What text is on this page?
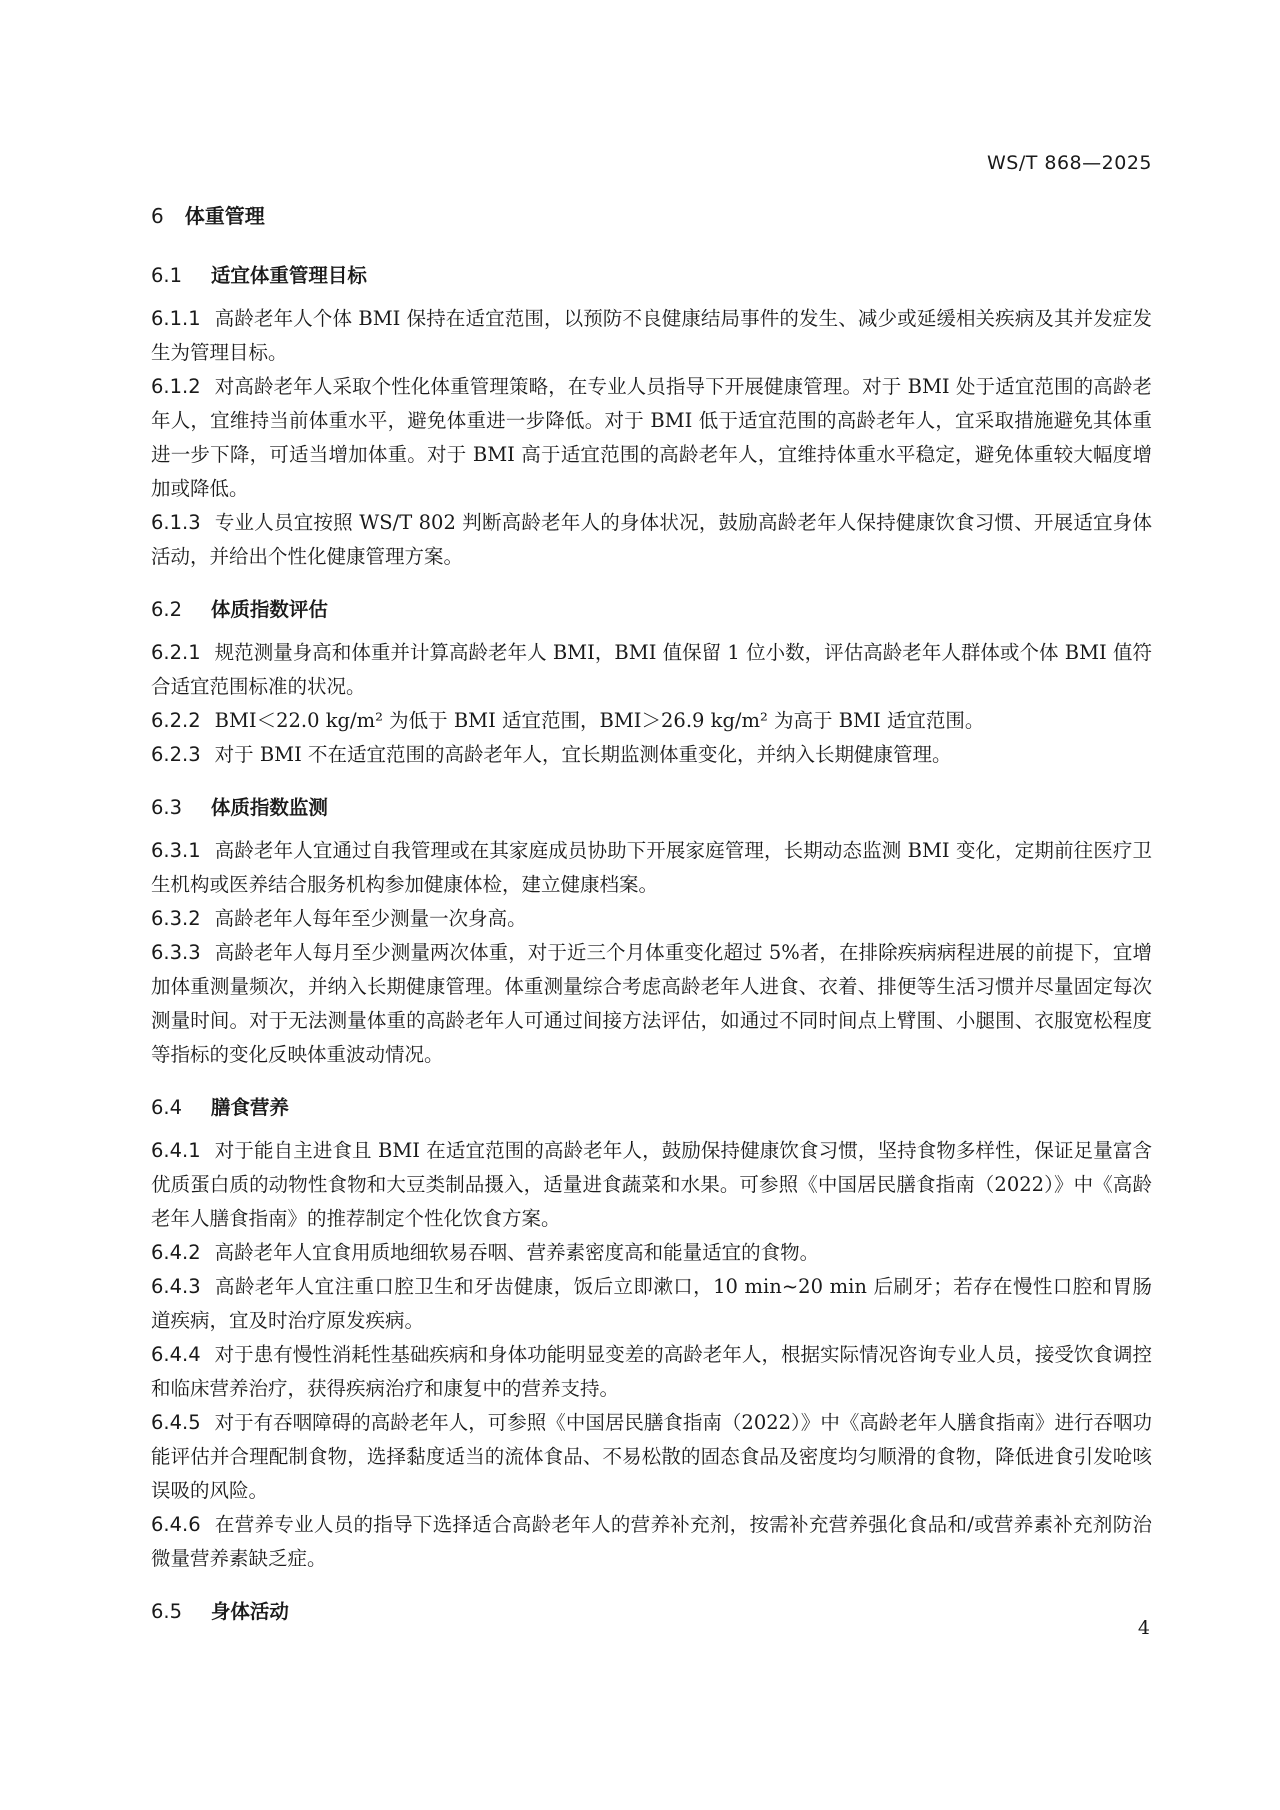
WS/T 868—2025
6 体重管理
6.1 适宜体重管理目标

6.1.1 高龄老年人个体 BMI 保持在适宜范围，以预防不良健康结局事件的发生、减少或延缓相关疾病及其并发症发生为管理目标。

6.1.2 对高龄老年人采取个性化体重管理策略，在专业人员指导下开展健康管理。对于 BMI 处于适宜范围的高龄老年人，宜维持当前体重水平，避免体重进一步降低。对于 BMI 低于适宜范围的高龄老年人，宜采取措施避免其体重进一步下降，可适当增加体重。对于 BMI 高于适宜范围的高龄老年人，宜维持体重水平稳定，避免体重较大幅度增加或降低。

6.1.3 专业人员宜按照 WS/T 802 判断高龄老年人的身体状况，鼓励高龄老年人保持健康饮食习惯、开展适宜身体活动，并给出个性化健康管理方案。

6.2 体质指数评估

6.2.1 规范测量身高和体重并计算高龄老年人 BMI，BMI 值保留 1 位小数，评估高龄老年人群体或个体 BMI 值符合适宜范围标准的状况。

6.2.2 BMI＜22.0 kg/m² 为低于 BMI 适宜范围，BMI＞26.9 kg/m² 为高于 BMI 适宜范围。

6.2.3 对于 BMI 不在适宜范围的高龄老年人，宜长期监测体重变化，并纳入长期健康管理。

6.3 体质指数监测

6.3.1 高龄老年人宜通过自我管理或在其家庭成员协助下开展家庭管理，长期动态监测 BMI 变化，定期前往医疗卫生机构或医养结合服务机构参加健康体检，建立健康档案。

6.3.2 高龄老年人每年至少测量一次身高。

6.3.3 高龄老年人每月至少测量两次体重，对于近三个月体重变化超过 5%者，在排除疾病病程进展的前提下，宜增加体重测量频次，并纳入长期健康管理。体重测量综合考虑高龄老年人进食、衣着、排便等生活习惯并尽量固定每次测量时间。对于无法测量体重的高龄老年人可通过间接方法评估，如通过不同时间点上臂围、小腿围、衣服宽松程度等指标的变化反映体重波动情况。

6.4 膳食营养

6.4.1 对于能自主进食且 BMI 在适宜范围的高龄老年人，鼓励保持健康饮食习惯，坚持食物多样性，保证足量富含优质蛋白质的动物性食物和大豆类制品摄入，适量进食蔬菜和水果。可参照《中国居民膳食指南（2022）》中《高龄老年人膳食指南》的推荐制定个性化饮食方案。

6.4.2 高龄老年人宜食用质地细软易吞咽、营养素密度高和能量适宜的食物。

6.4.3 高龄老年人宜注重口腔卫生和牙齿健康，饭后立即漱口，10 min~20 min 后刷牙；若存在慢性口腔和胃肠道疾病，宜及时治疗原发疾病。

6.4.4 对于患有慢性消耗性基础疾病和身体功能明显变差的高龄老年人，根据实际情况咨询专业人员，接受饮食调控和临床营养治疗，获得疾病治疗和康复中的营养支持。

6.4.5 对于有吞咽障碍的高龄老年人，可参照《中国居民膳食指南（2022）》中《高龄老年人膳食指南》进行吞咽功能评估并合理配制食物，选择黏度适当的流体食品、不易松散的固态食品及密度均匀顺滑的食物，降低进食引发呛咳误吸的风险。

6.4.6 在营养专业人员的指导下选择适合高龄老年人的营养补充剂，按需补充营养强化食品和/或营养素补充剂防治微量营养素缺乏症。

6.5 身体活动
4
